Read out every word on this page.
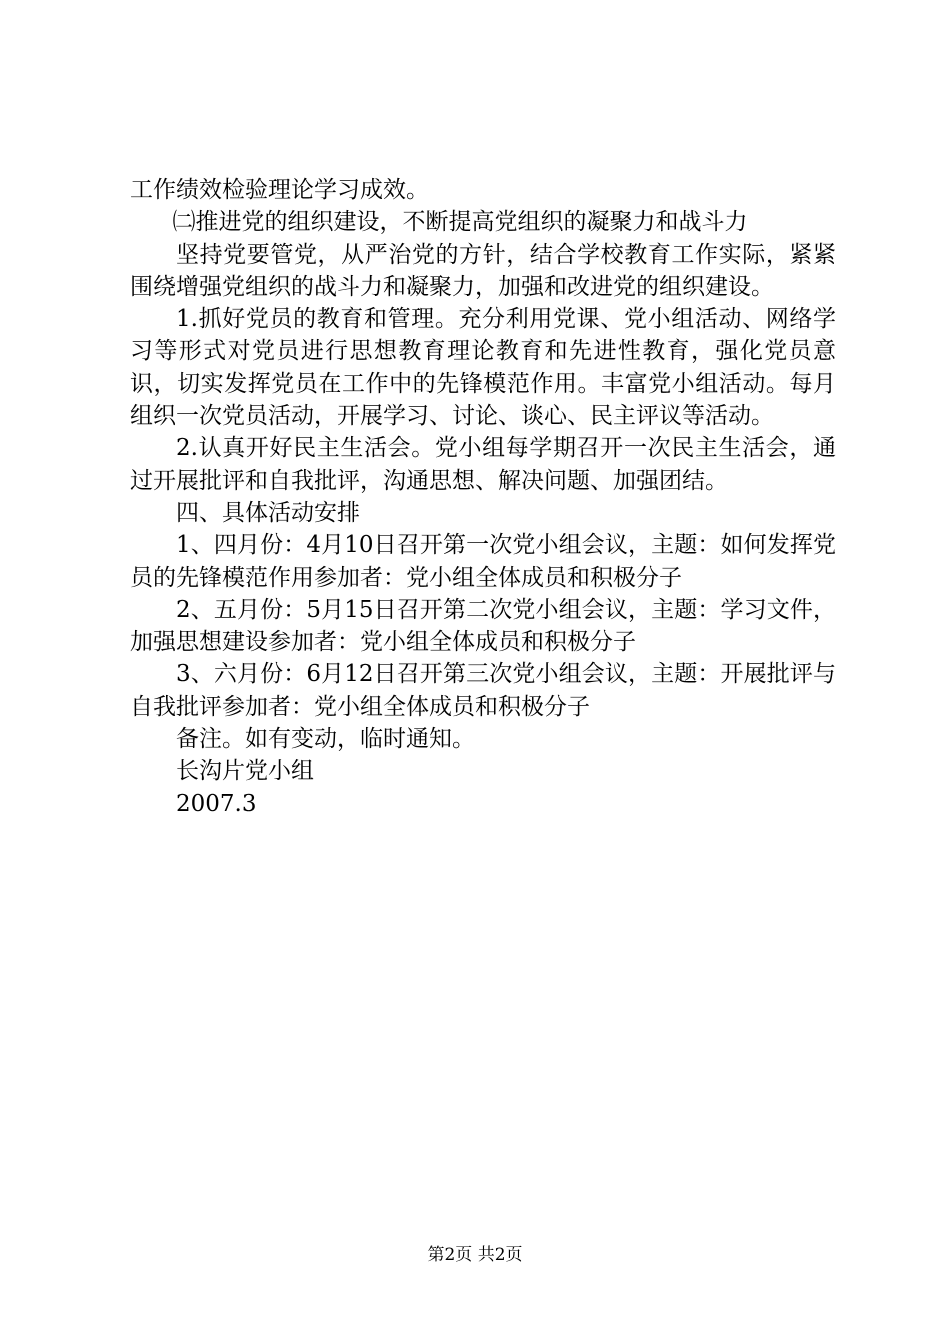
工作绩效检验理论学习成效。

㈡推进党的组织建设，不断提高党组织的凝聚力和战斗力

坚持党要管党，从严治党的方针，结合学校教育工作实际，紧紧围绕增强党组织的战斗力和凝聚力，加强和改进党的组织建设。

1.抓好党员的教育和管理。充分利用党课、党小组活动、网络学习等形式对党员进行思想教育理论教育和先进性教育，强化党员意识，切实发挥党员在工作中的先锋模范作用。丰富党小组活动。每月组织一次党员活动，开展学习、讨论、谈心、民主评议等活动。

2.认真开好民主生活会。党小组每学期召开一次民主生活会，通过开展批评和自我批评，沟通思想、解决问题、加强团结。

四、具体活动安排

1、四月份：4月10日召开第一次党小组会议，主题：如何发挥党员的先锋模范作用参加者：党小组全体成员和积极分子

2、五月份：5月15日召开第二次党小组会议，主题：学习文件，加强思想建设参加者：党小组全体成员和积极分子

3、六月份：6月12日召开第三次党小组会议，主题：开展批评与自我批评参加者：党小组全体成员和积极分子

备注。如有变动，临时通知。

长沟片党小组

2007.3

第2页 共2页
